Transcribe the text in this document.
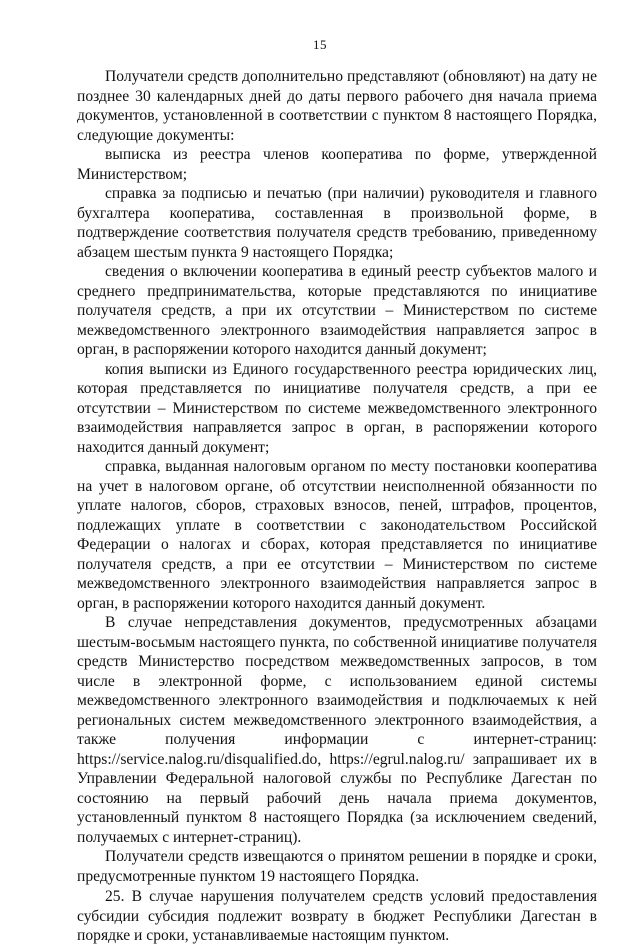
15

Получатели средств дополнительно представляют (обновляют) на дату не позднее 30 календарных дней до даты первого рабочего дня начала приема документов, установленной в соответствии с пунктом 8 настоящего Порядка, следующие документы:

выписка из реестра членов кооператива по форме, утвержденной Министерством;

справка за подписью и печатью (при наличии) руководителя и главного бухгалтера кооператива, составленная в произвольной форме, в подтверждение соответствия получателя средств требованию, приведенному абзацем шестым пункта 9 настоящего Порядка;

сведения о включении кооператива в единый реестр субъектов малого и среднего предпринимательства, которые представляются по инициативе получателя средств, а при их отсутствии – Министерством по системе межведомственного электронного взаимодействия направляется запрос в орган, в распоряжении которого находится данный документ;

копия выписки из Единого государственного реестра юридических лиц, которая представляется по инициативе получателя средств, а при ее отсутствии – Министерством по системе межведомственного электронного взаимодействия направляется запрос в орган, в распоряжении которого находится данный документ;

справка, выданная налоговым органом по месту постановки кооператива на учет в налоговом органе, об отсутствии неисполненной обязанности по уплате налогов, сборов, страховых взносов, пеней, штрафов, процентов, подлежащих уплате в соответствии с законодательством Российской Федерации о налогах и сборах, которая представляется по инициативе получателя средств, а при ее отсутствии – Министерством по системе межведомственного электронного взаимодействия направляется запрос в орган, в распоряжении которого находится данный документ.

В случае непредставления документов, предусмотренных абзацами шестым-восьмым настоящего пункта, по собственной инициативе получателя средств Министерство посредством межведомственных запросов, в том числе в электронной форме, с использованием единой системы межведомственного электронного взаимодействия и подключаемых к ней региональных систем межведомственного электронного взаимодействия, а также получения информации с интернет-страниц: https://service.nalog.ru/disqualified.do, https://egrul.nalog.ru/ запрашивает их в Управлении Федеральной налоговой службы по Республике Дагестан по состоянию на первый рабочий день начала приема документов, установленный пунктом 8 настоящего Порядка (за исключением сведений, получаемых с интернет-страниц).

Получатели средств извещаются о принятом решении в порядке и сроки, предусмотренные пунктом 19 настоящего Порядка.

25. В случае нарушения получателем средств условий предоставления субсидии субсидия подлежит возврату в бюджет Республики Дагестан в порядке и сроки, устанавливаемые настоящим пунктом.
